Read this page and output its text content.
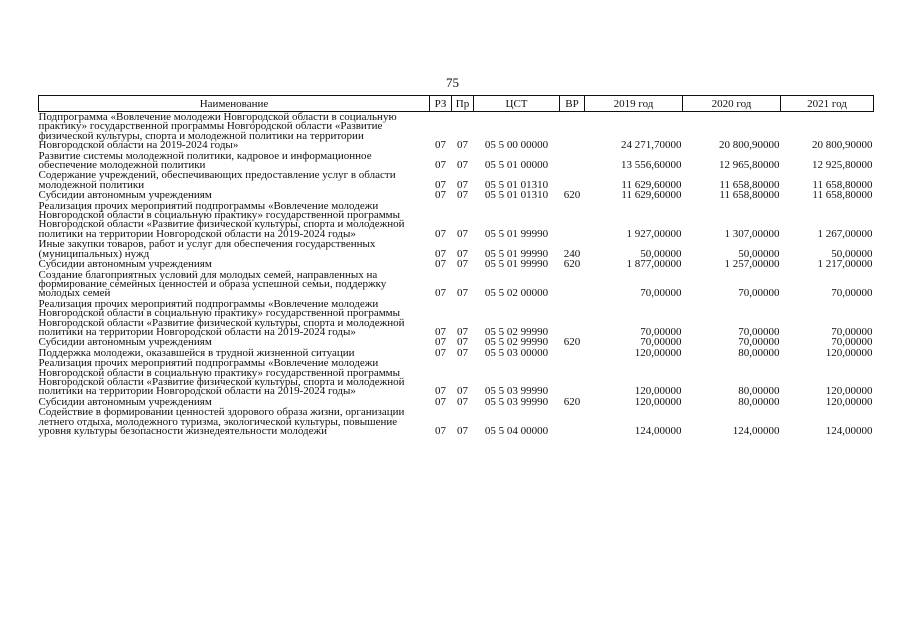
75
Наименование	РЗ	Пр	ЦСТ	ВР	2019 год	2020 год	2021 год
Подпрограмма «Вовлечение молодежи Новгородской области в социальную практику» государственной программы Новгородской области «Развитие физической культуры, спорта и молодежной политики на территории Новгородской области на 2019-2024 годы»	07	07	05 5 00 00000		24 271,70000	20 800,90000	20 800,90000
Развитие системы молодежной политики, кадровое и информационное обеспечение молодежной политики	07	07	05 5 01 00000		13 556,60000	12 965,80000	12 925,80000
Содержание учреждений, обеспечивающих предоставление услуг в области молодежной политики	07	07	05 5 01 01310		11 629,60000	11 658,80000	11 658,80000
Субсидии автономным учреждениям	07	07	05 5 01 01310	620	11 629,60000	11 658,80000	11 658,80000
Реализация прочих мероприятий подпрограммы «Вовлечение молодежи Новгородской области в социальную практику» государственной программы Новгородской области «Развитие физической культуры, спорта и молодежной политики на территории Новгородской области на 2019-2024 годы»	07	07	05 5 01 99990		1 927,00000	1 307,00000	1 267,00000
Иные закупки товаров, работ и услуг для обеспечения государственных (муниципальных) нужд	07	07	05 5 01 99990	240	50,00000	50,00000	50,00000
Субсидии автономным учреждениям	07	07	05 5 01 99990	620	1 877,00000	1 257,00000	1 217,00000
Создание благоприятных условий для молодых семей, направленных на формирование семейных ценностей и образа успешной семьи, поддержку молодых семей	07	07	05 5 02 00000		70,00000	70,00000	70,00000
Реализация прочих мероприятий подпрограммы «Вовлечение молодежи Новгородской области в социальную практику» государственной программы Новгородской области «Развитие физической культуры, спорта и молодежной политики на территории Новгородской области на 2019-2024 годы»	07	07	05 5 02 99990		70,00000	70,00000	70,00000
Субсидии автономным учреждениям	07	07	05 5 02 99990	620	70,00000	70,00000	70,00000
Поддержка молодежи, оказавшейся в трудной жизненной ситуации	07	07	05 5 03 00000		120,00000	80,00000	120,00000
Реализация прочих мероприятий подпрограммы «Вовлечение молодежи Новгородской области в социальную практику» государственной программы Новгородской области «Развитие физической культуры, спорта и молодежной политики на территории Новгородской области на 2019-2024 годы»	07	07	05 5 03 99990		120,00000	80,00000	120,00000
Субсидии автономным учреждениям	07	07	05 5 03 99990	620	120,00000	80,00000	120,00000
Содействие в формировании ценностей здорового образа жизни, организации летнего отдыха, молодежного туризма, экологической культуры, повышение уровня культуры безопасности жизнедеятельности молодежи	07	07	05 5 04 00000		124,00000	124,00000	124,00000
